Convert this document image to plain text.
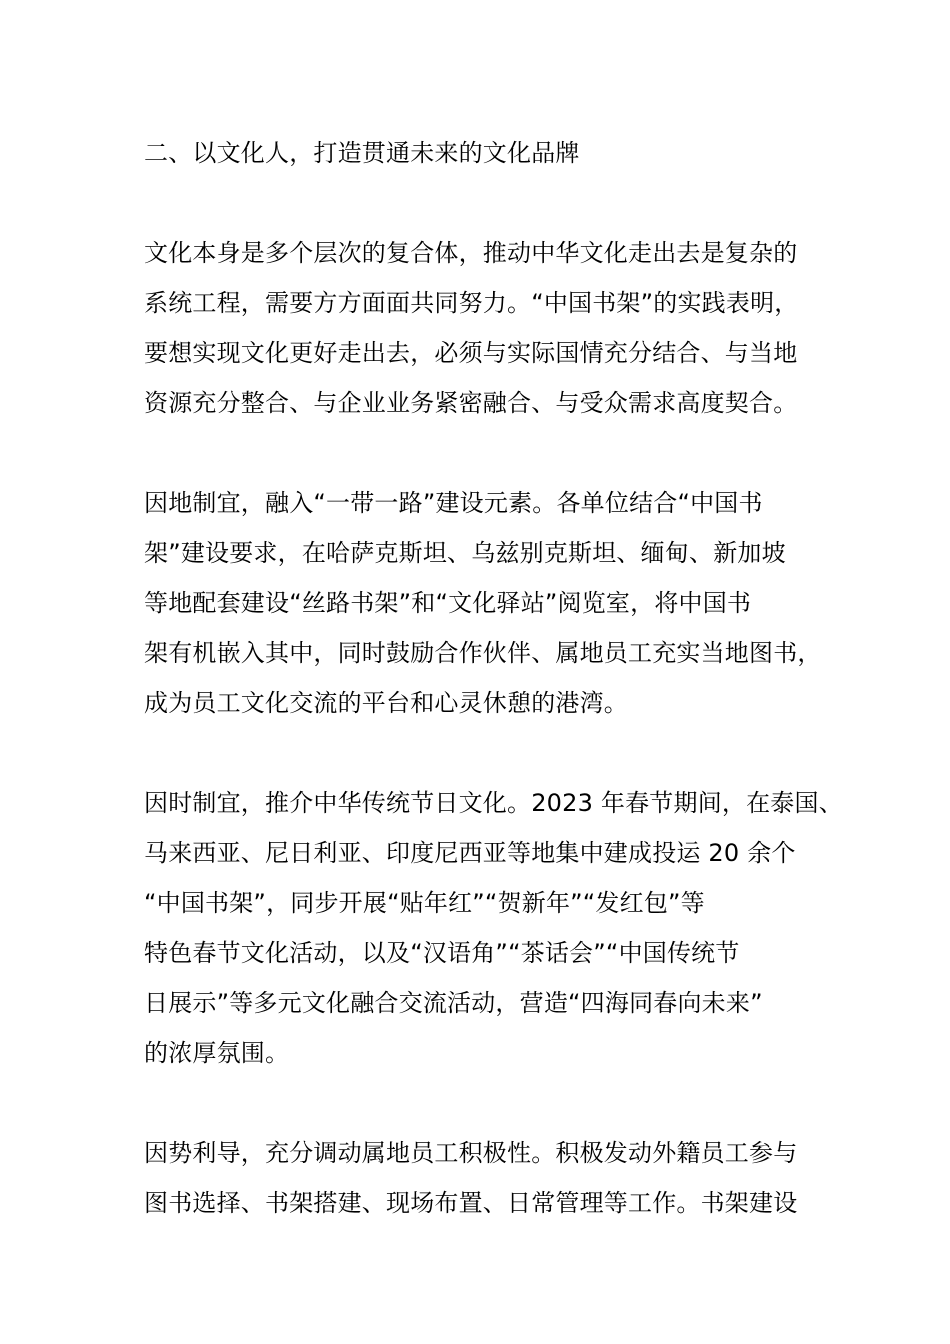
二、以文化人，打造贯通未来的文化品牌

文化本身是多个层次的复合体，推动中华文化走出去是复杂的
系统工程，需要方方面面共同努力。“中国书架”的实践表明，
要想实现文化更好走出去，必须与实际国情充分结合、与当地
资源充分整合、与企业业务紧密融合、与受众需求高度契合。
因地制宜，融入“一带一路”建设元素。各单位结合“中国书
架”建设要求，在哈萨克斯坦、乌兹别克斯坦、缅甸、新加坡
等地配套建设“丝路书架”和“文化驿站”阅览室，将中国书
架有机嵌入其中，同时鼓励合作伙伴、属地员工充实当地图书，
成为员工文化交流的平台和心灵休憩的港湾。
因时制宜，推介中华传统节日文化。2023 年春节期间，在泰国、
马来西亚、尼日利亚、印度尼西亚等地集中建成投运 20 余个
“中国书架”，同步开展“贴年红”“贺新年”“发红包”等
特色春节文化活动，以及“汉语角”“茶话会”“中国传统节
日展示”等多元文化融合交流活动，营造“四海同春向未来”
的浓厚氛围。
因势利导，充分调动属地员工积极性。积极发动外籍员工参与
图书选择、书架搭建、现场布置、日常管理等工作。书架建设
